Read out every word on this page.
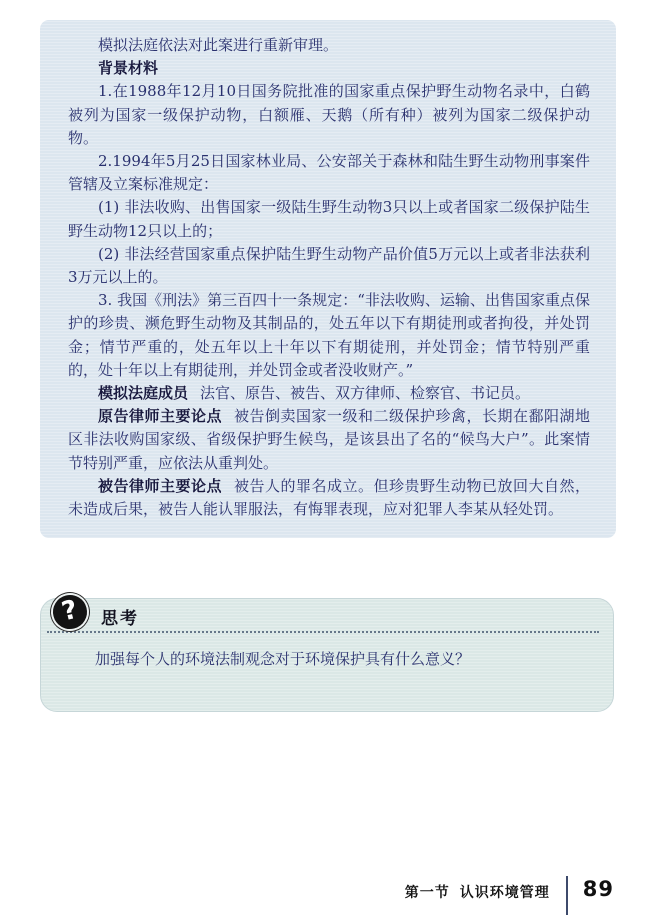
模拟法庭依法对此案进行重新审理。
背景材料
1.在1988年12月10日国务院批准的国家重点保护野生动物名录中，白鹤被列为国家一级保护动物，白额雁、天鹅（所有种）被列为国家二级保护动物。
2.1994年5月25日国家林业局、公安部关于森林和陆生野生动物刑事案件管辖及立案标准规定：
(1) 非法收购、出售国家一级陆生野生动物3只以上或者国家二级保护陆生野生动物12只以上的；
(2) 非法经营国家重点保护陆生野生动物产品价值5万元以上或者非法获利3万元以上的。
3. 我国《刑法》第三百四十一条规定：“非法收购、运输、出售国家重点保护的珍贵、濒危野生动物及其制品的，处五年以下有期徒刑或者拘役，并处罚金；情节严重的，处五年以上十年以下有期徒刑，并处罚金；情节特别严重的，处十年以上有期徒刑，并处罚金或者没收财产。”
模拟法庭成员 法官、原告、被告、双方律师、检察官、书记员。
原告律师主要论点 被告倒卖国家一级和二级保护珍禽，长期在鄱阳湖地区非法收购国家级、省级保护野生候鸟，是该县出了名的“候鸟大户”。此案情节特别严重，应依法从重判处。
被告律师主要论点 被告人的罪名成立。但珍贵野生动物已放回大自然，未造成后果，被告人能认罪服法，有悔罪表现，应对犯罪人李某从轻处罚。
?	思考
加强每个人的环境法制观念对于环境保护具有什么意义？
第一节 认识环境管理 89
